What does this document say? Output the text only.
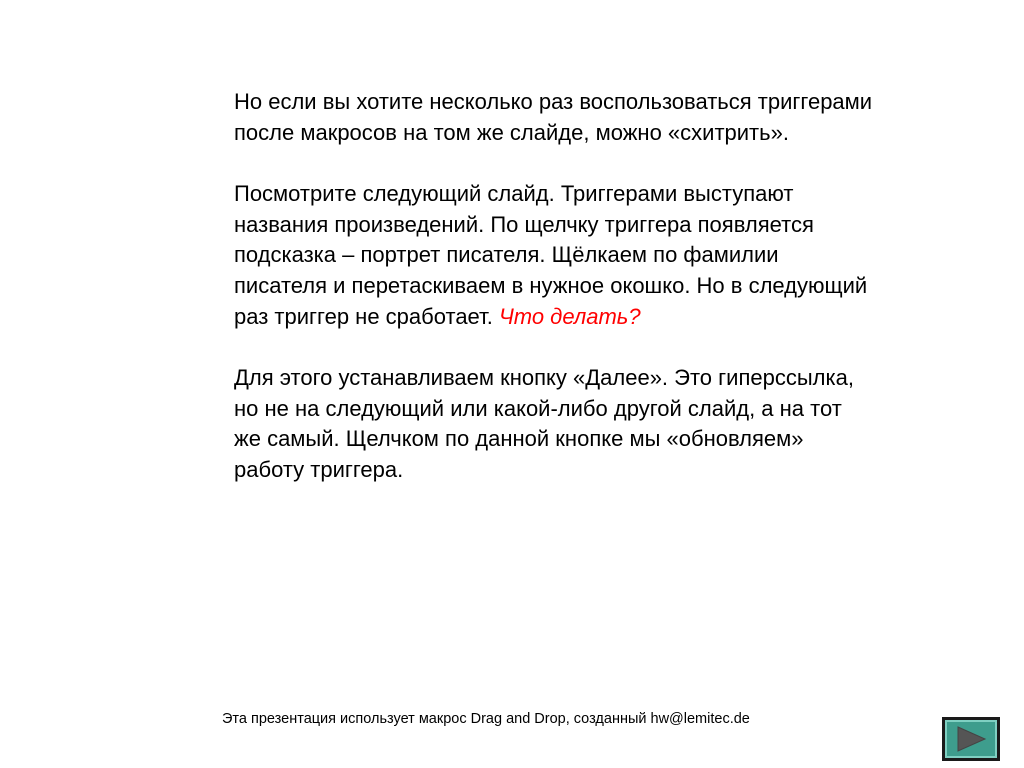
Но если вы хотите несколько раз воспользоваться триггерами после макросов на том же слайде, можно «схитрить».

Посмотрите следующий слайд. Триггерами выступают названия произведений. По щелчку триггера появляется подсказка – портрет писателя. Щёлкаем по фамилии писателя и перетаскиваем в нужное окошко. Но в следующий раз триггер не сработает. Что делать?

Для этого устанавливаем кнопку «Далее». Это гиперссылка, но не на следующий или какой-либо другой слайд, а на тот же самый. Щелчком по данной кнопке мы «обновляем» работу триггера.

Эта презентация использует макрос Drag and Drop, созданный hw@lemitec.de
